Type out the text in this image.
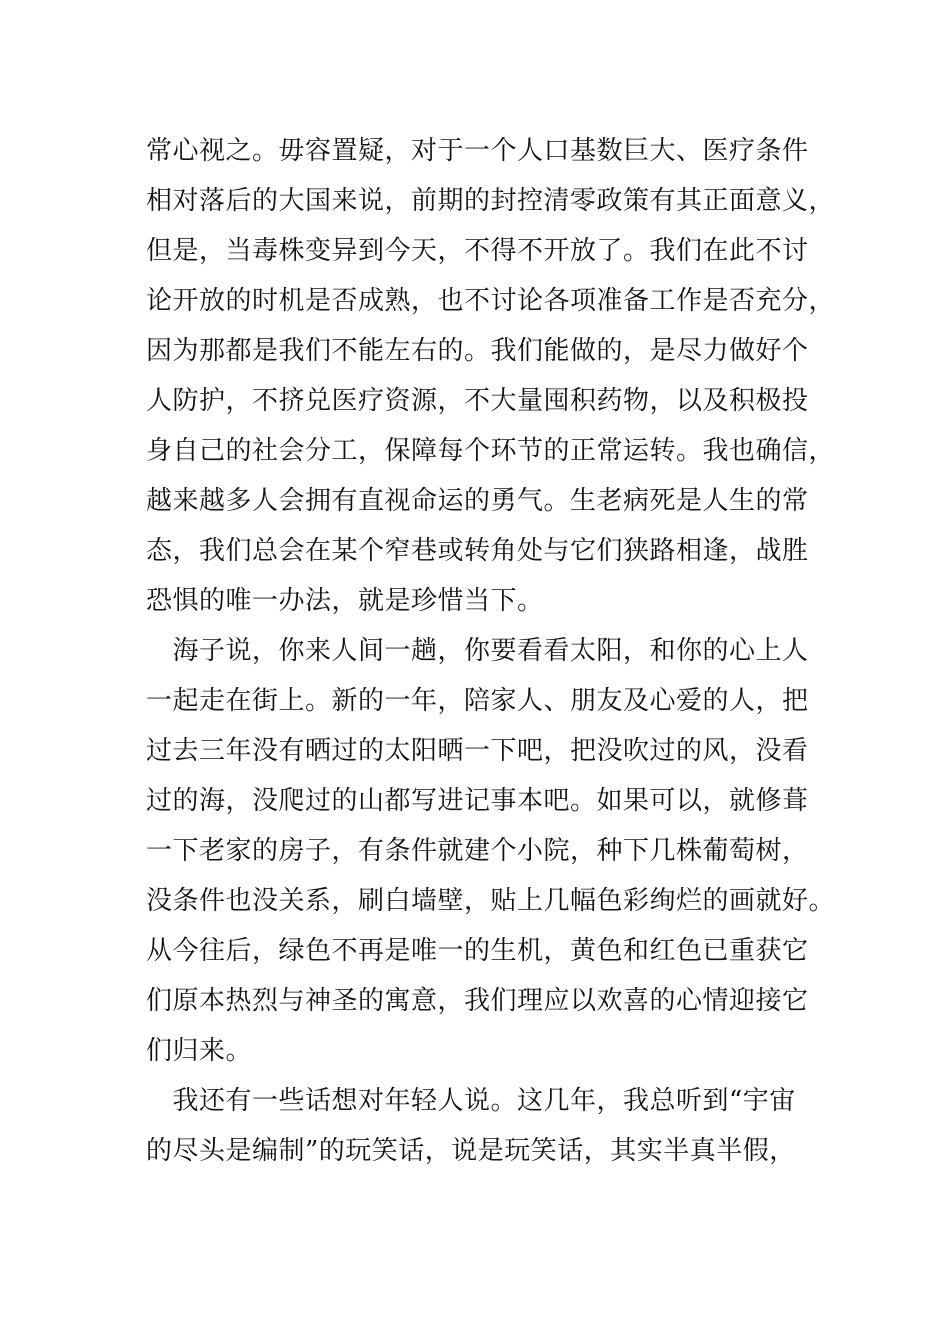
常心视之。毋容置疑，对于一个人口基数巨大、医疗条件
相对落后的大国来说，前期的封控清零政策有其正面意义，
但是，当毒株变异到今天，不得不开放了。我们在此不讨
论开放的时机是否成熟，也不讨论各项准备工作是否充分，
因为那都是我们不能左右的。我们能做的，是尽力做好个
人防护，不挤兑医疗资源，不大量囤积药物，以及积极投
身自己的社会分工，保障每个环节的正常运转。我也确信，
越来越多人会拥有直视命运的勇气。生老病死是人生的常
态，我们总会在某个窄巷或转角处与它们狭路相逢，战胜
恐惧的唯一办法，就是珍惜当下。
　海子说，你来人间一趟，你要看看太阳，和你的心上人
一起走在街上。新的一年，陪家人、朋友及心爱的人，把
过去三年没有晒过的太阳晒一下吧，把没吹过的风，没看
过的海，没爬过的山都写进记事本吧。如果可以，就修葺
一下老家的房子，有条件就建个小院，种下几株葡萄树，
没条件也没关系，刷白墙壁，贴上几幅色彩绚烂的画就好。
从今往后，绿色不再是唯一的生机，黄色和红色已重获它
们原本热烈与神圣的寓意，我们理应以欢喜的心情迎接它
们归来。
　我还有一些话想对年轻人说。这几年，我总听到“宇宙
的尽头是编制”的玩笑话，说是玩笑话，其实半真半假，
